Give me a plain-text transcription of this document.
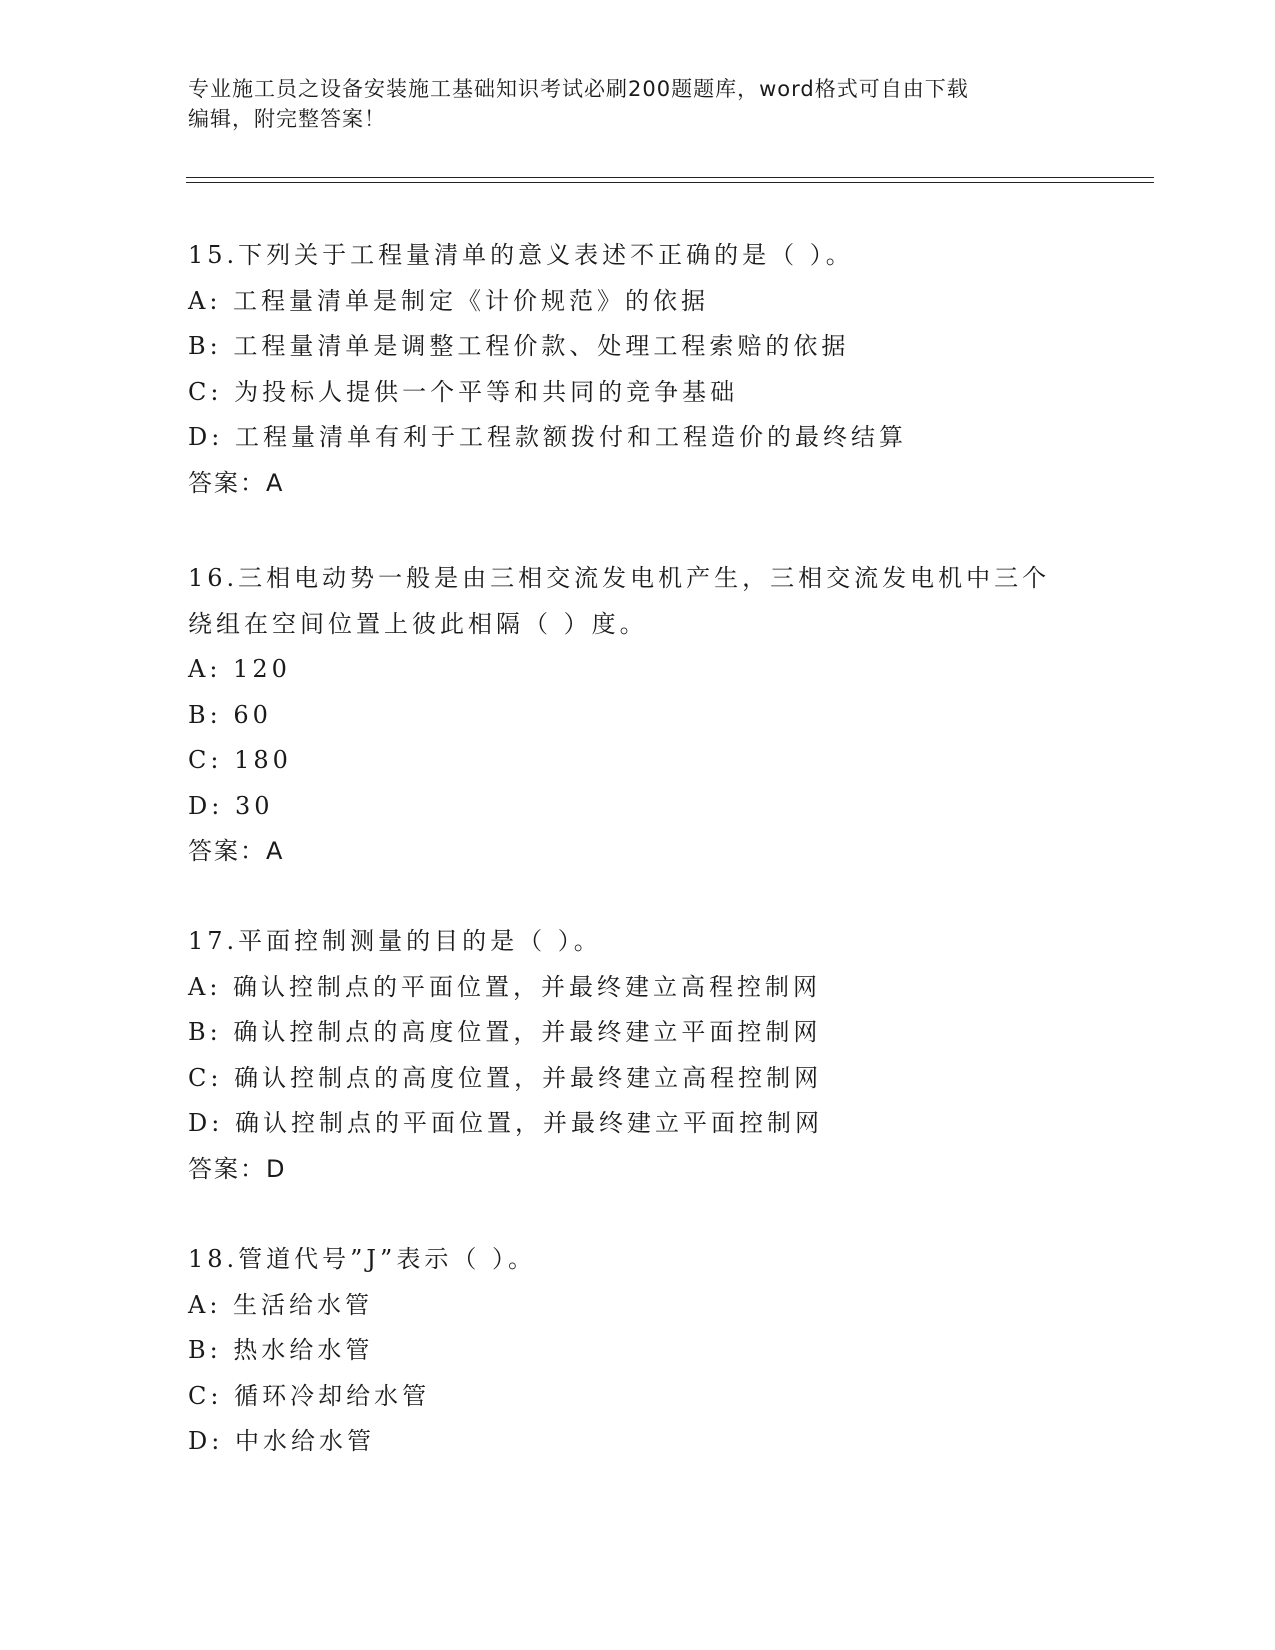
专业施工员之设备安装施工基础知识考试必刷200题题库，word格式可自由下载
编辑，附完整答案！
15.下列关于工程量清单的意义表述不正确的是（ ）。
A: 工程量清单是制定《计价规范》的依据
B: 工程量清单是调整工程价款、处理工程索赔的依据
C: 为投标人提供一个平等和共同的竞争基础
D: 工程量清单有利于工程款额拨付和工程造价的最终结算
答案：A
16.三相电动势一般是由三相交流发电机产生，三相交流发电机中三个
绕组在空间位置上彼此相隔（ ）度。
A: 120
B: 60
C: 180
D: 30
答案：A
17.平面控制测量的目的是（ ）。
A: 确认控制点的平面位置，并最终建立高程控制网
B: 确认控制点的高度位置，并最终建立平面控制网
C: 确认控制点的高度位置，并最终建立高程控制网
D: 确认控制点的平面位置，并最终建立平面控制网
答案：D
18.管道代号”J”表示（ ）。
A: 生活给水管
B: 热水给水管
C: 循环冷却给水管
D: 中水给水管
